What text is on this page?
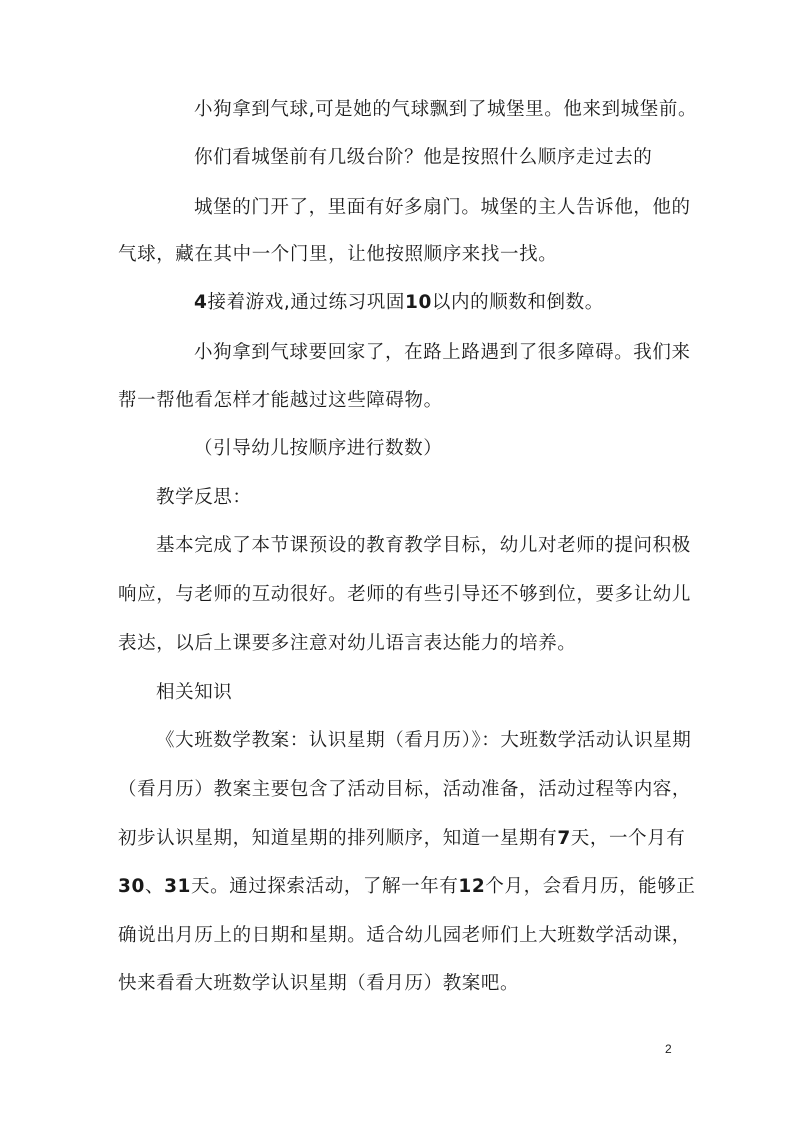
小狗拿到气球,可是她的气球飘到了城堡里。他来到城堡前。
你们看城堡前有几级台阶？他是按照什么顺序走过去的
城堡的门开了，里面有好多扇门。城堡的主人告诉他，他的
气球，藏在其中一个门里，让他按照顺序来找一找。
4接着游戏,通过练习巩固10以内的顺数和倒数。
小狗拿到气球要回家了，在路上路遇到了很多障碍。我们来
帮一帮他看怎样才能越过这些障碍物。
（引导幼儿按顺序进行数数）
教学反思：
基本完成了本节课预设的教育教学目标，幼儿对老师的提问积极
响应，与老师的互动很好。老师的有些引导还不够到位，要多让幼儿
表达，以后上课要多注意对幼儿语言表达能力的培养。
相关知识
《大班数学教案：认识星期（看月历）》：大班数学活动认识星期
（看月历）教案主要包含了活动目标，活动准备，活动过程等内容，
初步认识星期，知道星期的排列顺序，知道一星期有7天，一个月有
30、31天。通过探索活动，了解一年有12个月，会看月历，能够正
确说出月历上的日期和星期。适合幼儿园老师们上大班数学活动课，
快来看看大班数学认识星期（看月历）教案吧。
2
